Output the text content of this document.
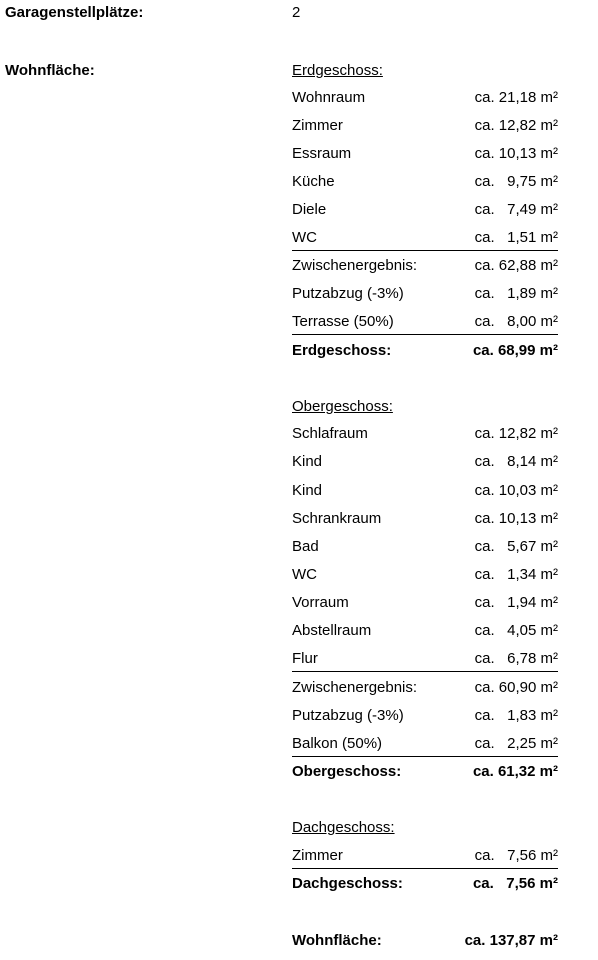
Garagenstellplätze:	2
Wohnfläche:	Erdgeschoss:
Wohnraum	ca. 21,18 m²
Zimmer	ca. 12,82 m²
Essraum	ca. 10,13 m²
Küche	ca.   9,75 m²
Diele	ca.   7,49 m²
WC	ca.   1,51 m²
Zwischenergebnis:	ca. 62,88 m²
Putzabzug (-3%)	ca.   1,89 m²
Terrasse (50%)	ca.   8,00 m²
Erdgeschoss:	ca. 68,99 m²
Obergeschoss:
Schlafraum	ca. 12,82 m²
Kind	ca.   8,14 m²
Kind	ca. 10,03 m²
Schrankraum	ca. 10,13 m²
Bad	ca.   5,67 m²
WC	ca.   1,34 m²
Vorraum	ca.   1,94 m²
Abstellraum	ca.   4,05 m²
Flur	ca.   6,78 m²
Zwischenergebnis:	ca. 60,90 m²
Putzabzug (-3%)	ca.   1,83 m²
Balkon (50%)	ca.   2,25 m²
Obergeschoss:	ca. 61,32 m²
Dachgeschoss:
Zimmer	ca.   7,56 m²
Dachgeschoss:	ca.   7,56 m²
Wohnfläche:	ca. 137,87 m²
